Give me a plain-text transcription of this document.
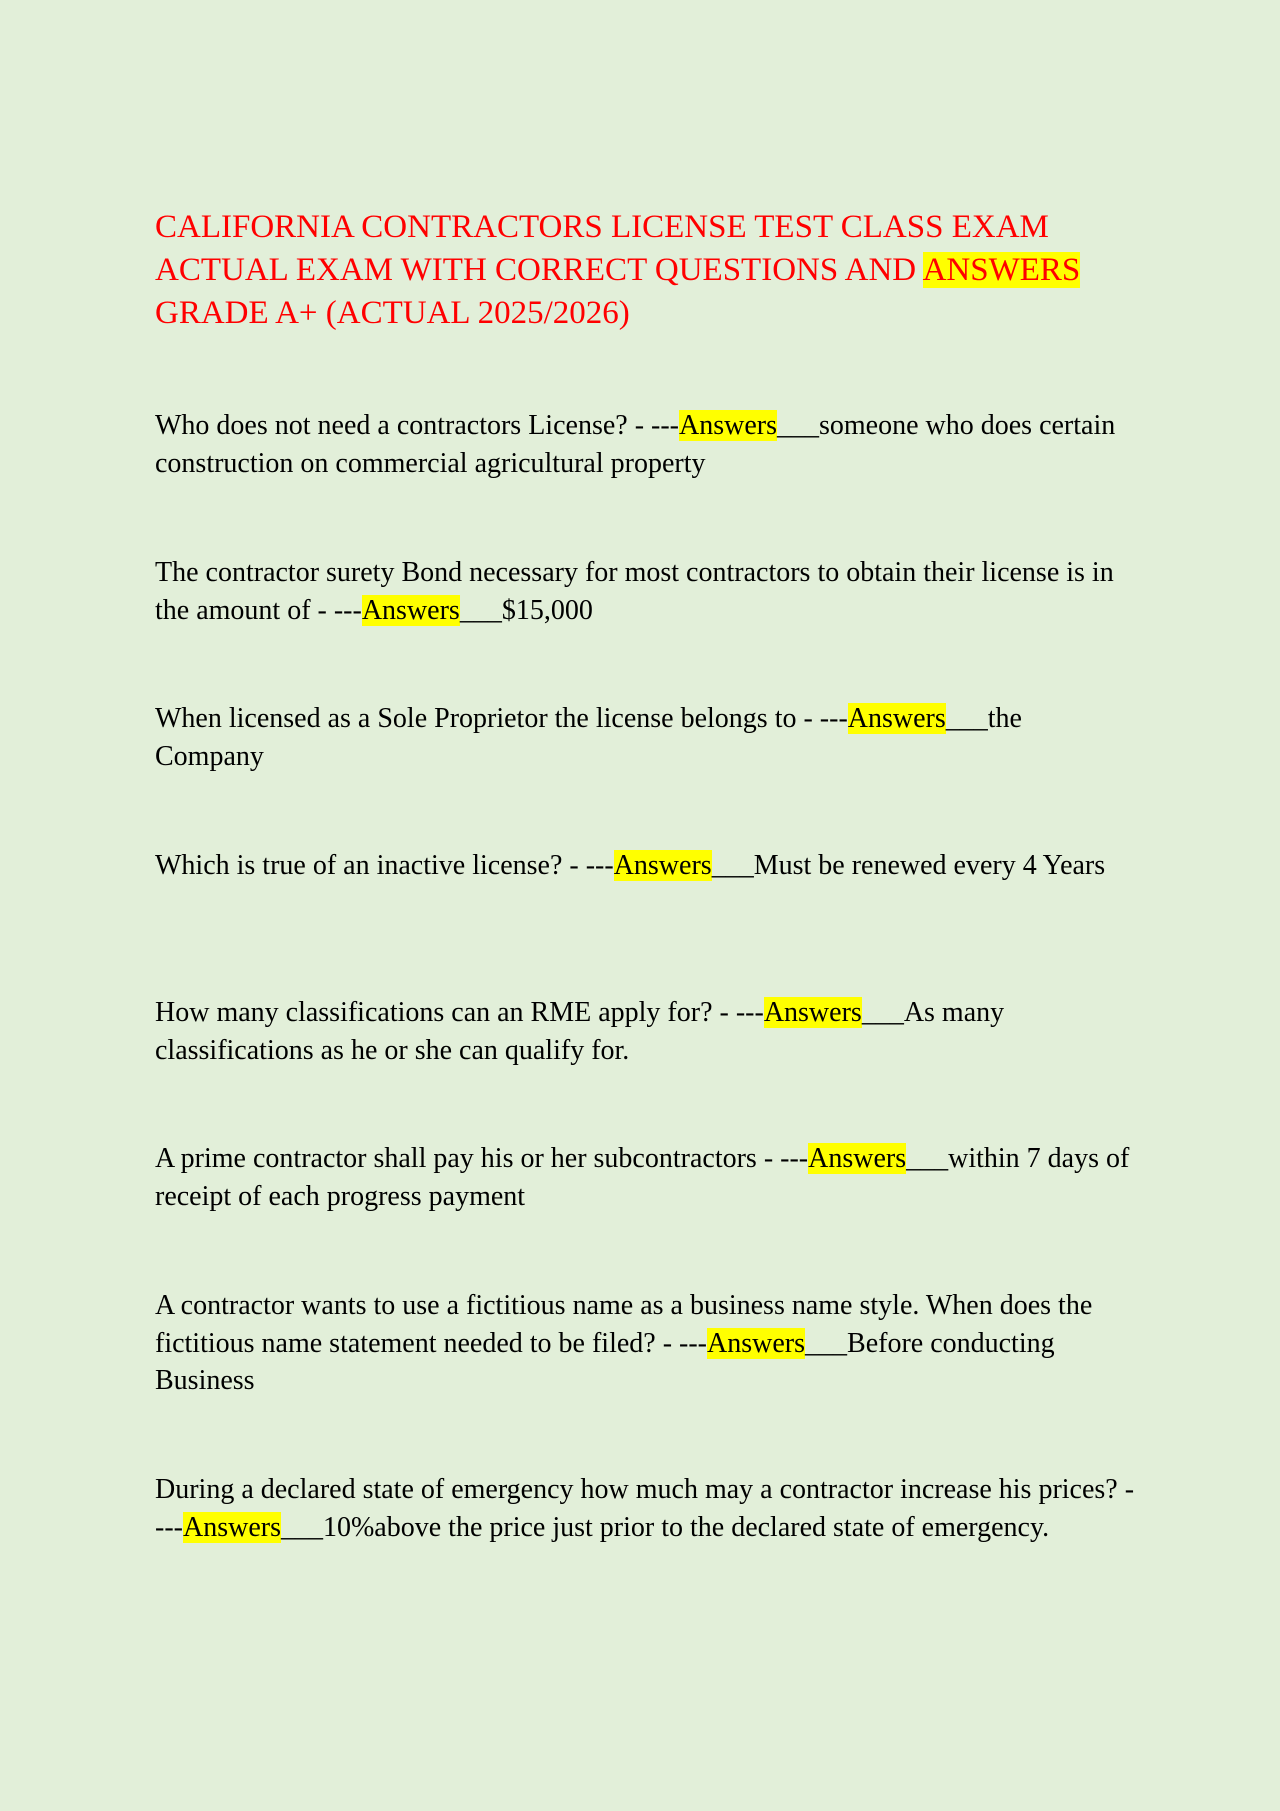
CALIFORNIA CONTRACTORS LICENSE TEST CLASS EXAM ACTUAL EXAM WITH CORRECT QUESTIONS AND ANSWERS GRADE A+ (ACTUAL 2025/2026)

Who does not need a contractors License? - ---Answers___someone who does certain construction on commercial agricultural property

The contractor surety Bond necessary for most contractors to obtain their license is in the amount of - ---Answers___$15,000

When licensed as a Sole Proprietor the license belongs to - ---Answers___the Company

Which is true of an inactive license? - ---Answers___Must be renewed every 4 Years

How many classifications can an RME apply for? - ---Answers___As many classifications as he or she can qualify for.

A prime contractor shall pay his or her subcontractors - ---Answers___within 7 days of receipt of each progress payment

A contractor wants to use a fictitious name as a business name style. When does the fictitious name statement needed to be filed? - ---Answers___Before conducting Business

During a declared state of emergency how much may a contractor increase his prices? - ---Answers___10%above the price just prior to the declared state of emergency.
